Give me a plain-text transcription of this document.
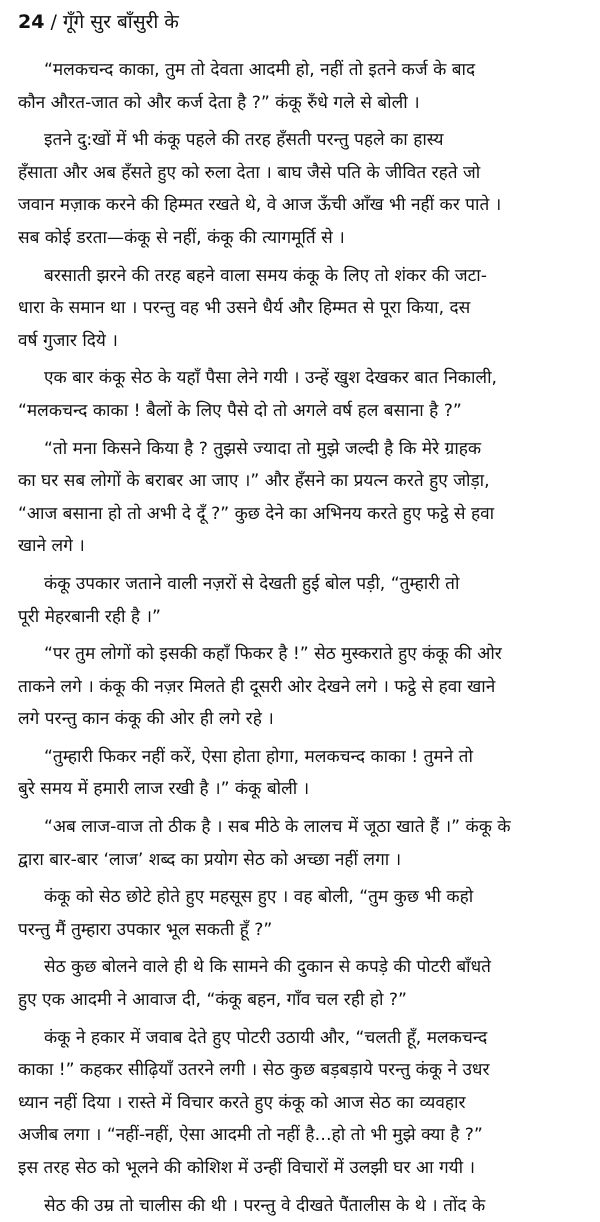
24 / गूँगे सुर बाँसुरी के
“मलकचन्द काका, तुम तो देवता आदमी हो, नहीं तो इतने कर्ज के बाद
कौन औरत-जात को और कर्ज देता है ?” कंकू रुँधे गले से बोली ।
इतने दु:खों में भी कंकू पहले की तरह हँसती परन्तु पहले का हास्य
हँसाता और अब हँसते हुए को रुला देता । बाघ जैसे पति के जीवित रहते जो
जवान मज़ाक करने की हिम्मत रखते थे, वे आज ऊँची आँख भी नहीं कर पाते ।
सब कोई डरता—कंकू से नहीं, कंकू की त्यागमूर्ति से ।
बरसाती झरने की तरह बहने वाला समय कंकू के लिए तो शंकर की जटा-
धारा के समान था । परन्तु वह भी उसने धैर्य और हिम्मत से पूरा किया, दस
वर्ष गुजार दिये ।
एक बार कंकू सेठ के यहाँ पैसा लेने गयी । उन्हें खुश देखकर बात निकाली,
“मलकचन्द काका ! बैलों के लिए पैसे दो तो अगले वर्ष हल बसाना है ?”
“तो मना किसने किया है ? तुझसे ज्यादा तो मुझे जल्दी है कि मेरे ग्राहक
का घर सब लोगों के बराबर आ जाए ।” और हँसने का प्रयत्न करते हुए जोड़ा,
“आज बसाना हो तो अभी दे दूँ ?” कुछ देने का अभिनय करते हुए फट्ठे से हवा
खाने लगे ।
कंकू उपकार जताने वाली नज़रों से देखती हुई बोल पड़ी, “तुम्हारी तो
पूरी मेहरबानी रही है ।”
“पर तुम लोगों को इसकी कहाँ फिकर है !” सेठ मुस्कराते हुए कंकू की ओर
ताकने लगे । कंकू की नज़र मिलते ही दूसरी ओर देखने लगे । फट्ठे से हवा खाने
लगे परन्तु कान कंकू की ओर ही लगे रहे ।
“तुम्हारी फिकर नहीं करें, ऐसा होता होगा, मलकचन्द काका ! तुमने तो
बुरे समय में हमारी लाज रखी है ।” कंकू बोली ।
“अब लाज-वाज तो ठीक है । सब मीठे के लालच में जूठा खाते हैं ।” कंकू के
द्वारा बार-बार ‘लाज’ शब्द का प्रयोग सेठ को अच्छा नहीं लगा ।
कंकू को सेठ छोटे होते हुए महसूस हुए । वह बोली, “तुम कुछ भी कहो
परन्तु मैं तुम्हारा उपकार भूल सकती हूँ ?”
सेठ कुछ बोलने वाले ही थे कि सामने की दुकान से कपड़े की पोटरी बाँधते
हुए एक आदमी ने आवाज दी, “कंकू बहन, गाँव चल रही हो ?”
कंकू ने हकार में जवाब देते हुए पोटरी उठायी और, “चलती हूँ, मलकचन्द
काका !” कहकर सीढ़ियाँ उतरने लगी । सेठ कुछ बड़बड़ाये परन्तु कंकू ने उधर
ध्यान नहीं दिया । रास्ते में विचार करते हुए कंकू को आज सेठ का व्यवहार
अजीब लगा । “नहीं-नहीं, ऐसा आदमी तो नहीं है…हो तो भी मुझे क्या है ?”
इस तरह सेठ को भूलने की कोशिश में उन्हीं विचारों में उलझी घर आ गयी ।
सेठ की उम्र तो चालीस की थी । परन्तु वे दीखते पैंतालीस के थे । तोंद के
